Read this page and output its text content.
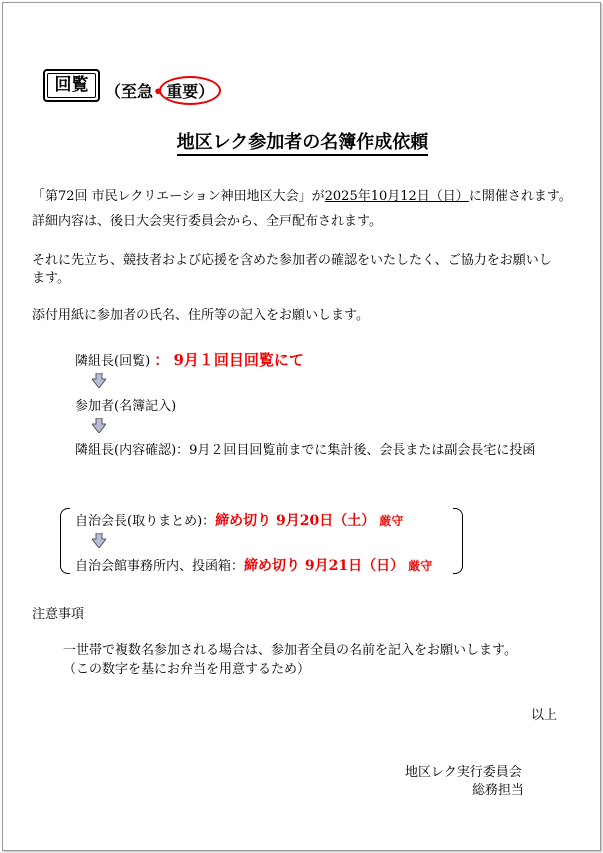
回覧	（至急• 重要）
地区レク参加者の名簿作成依頼
「第72回 市民レクリエーション神田地区大会」が2025年10月12日（日）に開催されます。
詳細内容は、後日大会実行委員会から、全戸配布されます。
それに先立ち、競技者および応援を含めた参加者の確認をいたしたく、ご協力をお願いし
ます。
添付用紙に参加者の氏名、住所等の記入をお願いします。
隣組長(回覧) ： 9月１回目回覧にて
参加者(名簿記入)
隣組長(内容確認)：9月２回目回覧前までに集計後、会長または副会長宅に投函
自治会長(取りまとめ)：締め切り 9月20日（土） 厳守
自治会館事務所内、投函箱：締め切り 9月21日（日） 厳守
注意事項
一世帯で複数名参加される場合は、参加者全員の名前を記入をお願いします。
（この数字を基にお弁当を用意するため）
以上
地区レク実行委員会
総務担当
